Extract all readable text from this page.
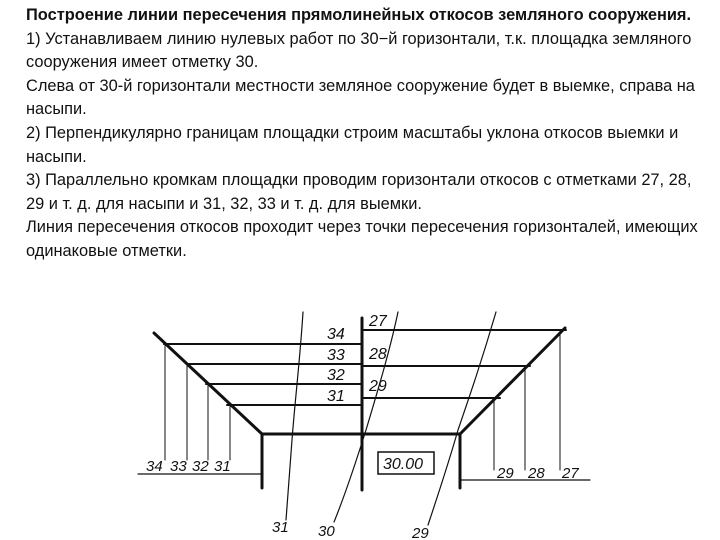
Построение линии пересечения прямолинейных откосов земляного сооружения.

1) Устанавливаем линию нулевых работ по 30−й горизонтали, т.к. площадка земляного сооружения имеет отметку 30.

Слева от 30-й горизонтали местности земляное сооружение будет в выемке, справа на насыпи.

2) Перпендикулярно границам площадки строим масштабы уклона откосов выемки и насыпи.

3) Параллельно кромкам площадки проводим горизонтали откосов с отметками 27, 28, 29 и т. д. для насыпи и 31, 32, 33 и т. д. для выемки.

Линия пересечения откосов проходит через точки пересечения горизонталей, имеющих одинаковые отметки.

34
33
32
31
27
28
29
34 33 32 31	29 28 27
30.00
31 30	29
